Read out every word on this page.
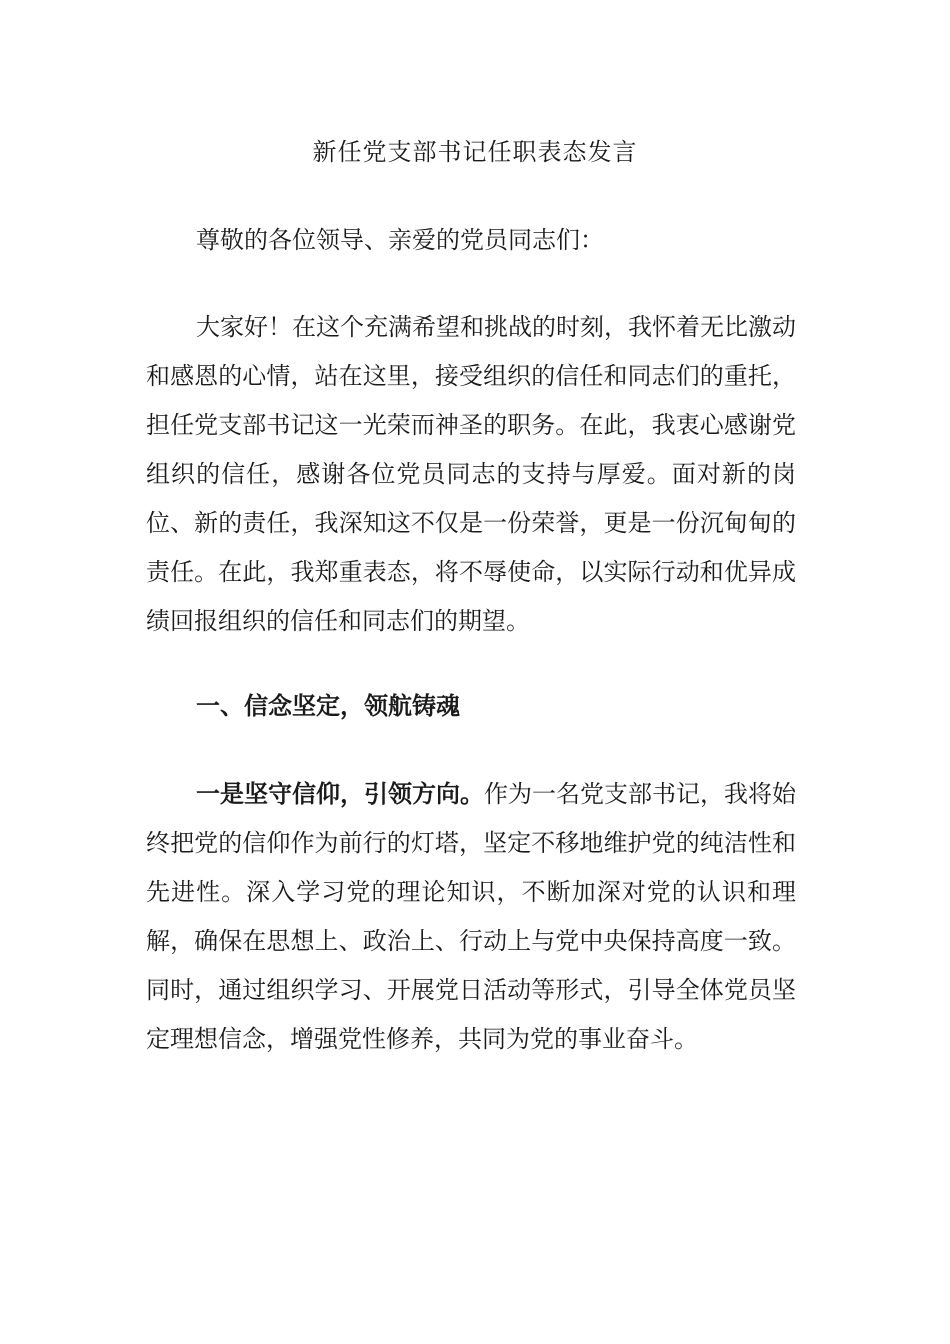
新任党支部书记任职表态发言
尊敬的各位领导、亲爱的党员同志们：

大家好！在这个充满希望和挑战的时刻，我怀着无比激动和感恩的心情，站在这里，接受组织的信任和同志们的重托，担任党支部书记这一光荣而神圣的职务。在此，我衷心感谢党组织的信任，感谢各位党员同志的支持与厚爱。面对新的岗位、新的责任，我深知这不仅是一份荣誉，更是一份沉甸甸的责任。在此，我郑重表态，将不辱使命，以实际行动和优异成绩回报组织的信任和同志们的期望。

一、信念坚定，领航铸魂

一是坚守信仰，引领方向。作为一名党支部书记，我将始终把党的信仰作为前行的灯塔，坚定不移地维护党的纯洁性和先进性。深入学习党的理论知识，不断加深对党的认识和理解，确保在思想上、政治上、行动上与党中央保持高度一致。同时，通过组织学习、开展党日活动等形式，引导全体党员坚定理想信念，增强党性修养，共同为党的事业奋斗。
